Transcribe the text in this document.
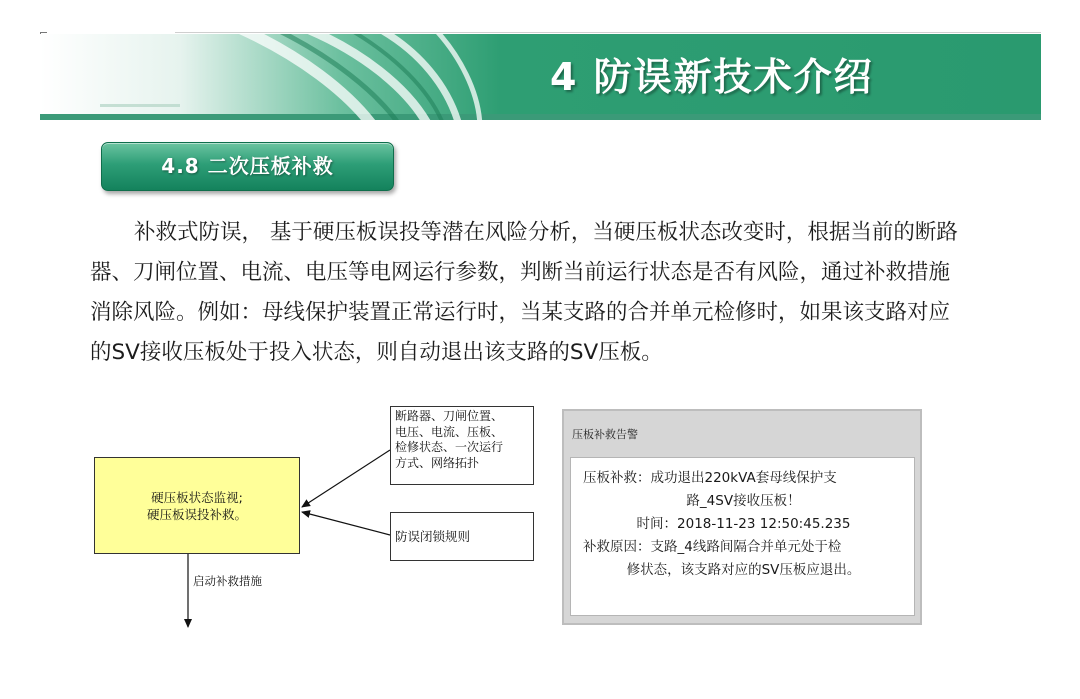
4 防误新技术介绍
4.8 二次压板补救

补救式防误， 基于硬压板误投等潜在风险分析，当硬压板状态改变时，根据当前的断路器、刀闸位置、电流、电压等电网运行参数，判断当前运行状态是否有风险，通过补救措施消除风险。例如：母线保护装置正常运行时，当某支路的合并单元检修时，如果该支路对应的SV接收压板处于投入状态，则自动退出该支路的SV压板。

硬压板状态监视;
硬压板误投补救。
断路器、刀闸位置、
电压、电流、压板、
检修状态、一次运行
方式、网络拓扑
防误闭锁规则
启动补救措施
压板补救告警
压板补救：成功退出220kVA套母线保护支
路_4SV接收压板！
时间：2018-11-23 12:50:45.235
补救原因：支路_4线路间隔合并单元处于检
修状态，该支路对应的SV压板应退出。
